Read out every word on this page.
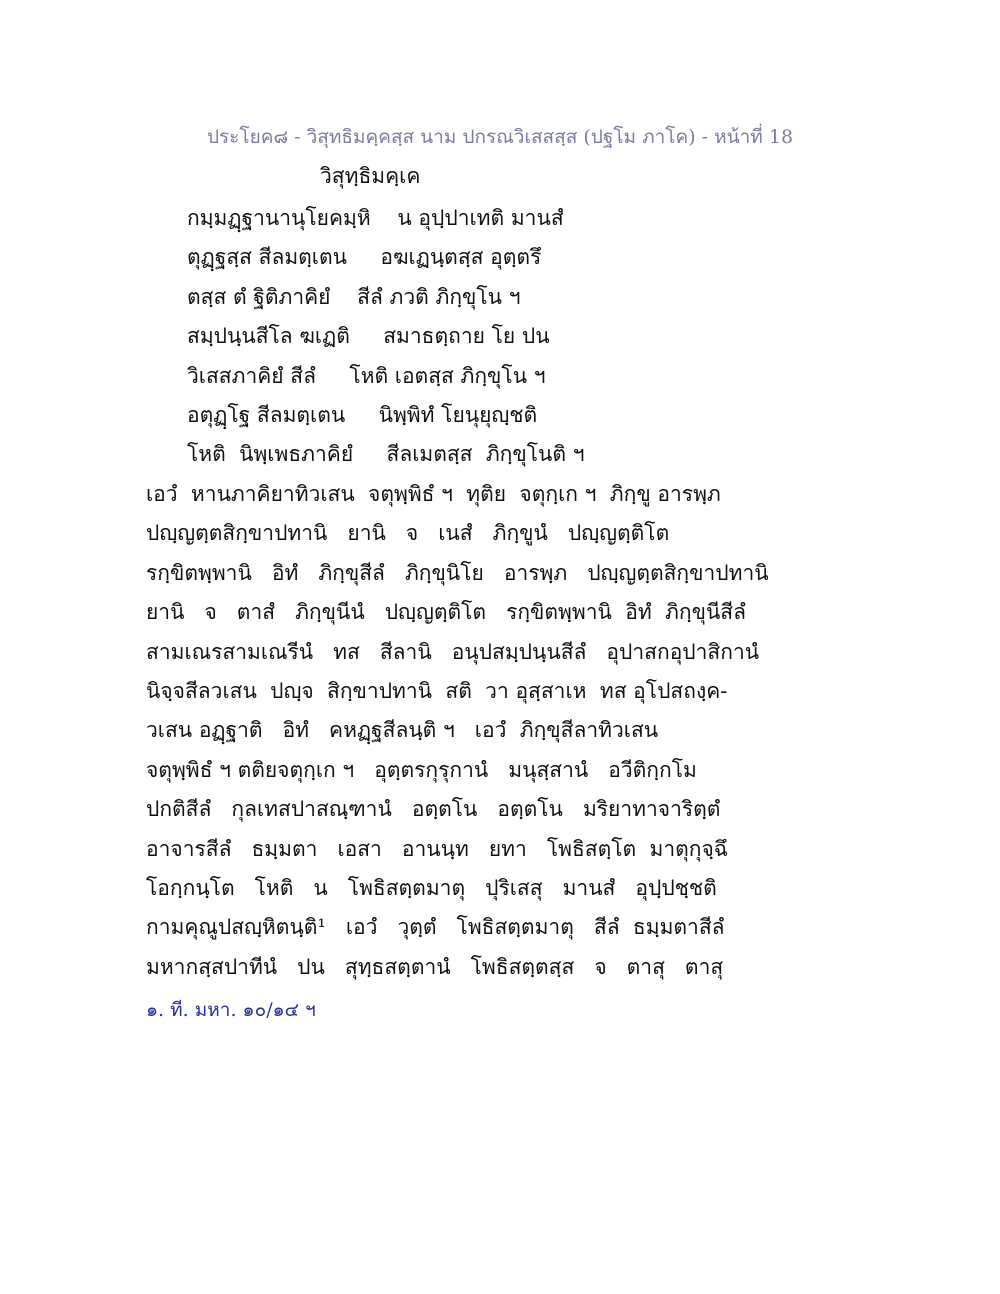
ประโยค๘ - วิสุทธิมคฺคสฺส นาม ปกรณวิเสสสฺส (ปฐโม ภาโค) - หน้าที่ 18
วิสุทฺธิมคฺเค
กมฺมฏฺฐานานุโยคมฺหิ    น อุปฺปาเทติ มานสํ
ตุฏฺฐสฺส สีลมตฺเตน     อฆเฏนฺตสฺส อุตฺตรึ
ตสฺส ตํ ฐิติภาคิยํ    สีลํ ภวติ ภิกฺขุโน ฯ
สมฺปนฺนสีโล ฆเฏติ     สมาธตฺถาย โย ปน
วิเสสภาคิยํ สีลํ     โหติ เอตสฺส ภิกฺขุโน ฯ
อตุฏฺโฐ สีลมตฺเตน     นิพฺพิทํ โยนุยุญฺชติ
โหติ  นิพฺเพธภาคิยํ     สีลเมตสฺส  ภิกฺขุโนติ ฯ
เอวํ  หานภาคิยาทิวเสน  จตุพฺพิธํ ฯ  ทุติย  จตุกฺเก ฯ  ภิกฺขู อารพฺภ
ปญฺญตฺตสิกฺขาปทานิ   ยานิ   จ   เนสํ   ภิกฺขูนํ   ปญฺญตฺติโต
รกฺขิตพฺพานิ   อิทํ   ภิกฺขุสีลํ   ภิกฺขุนิโย   อารพฺภ   ปญฺญตฺตสิกฺขาปทานิ
ยานิ   จ   ตาสํ   ภิกฺขุนีนํ   ปญฺญตฺติโต   รกฺขิตพฺพานิ  อิทํ  ภิกฺขุนีสีลํ
สามเณรสามเณรีนํ   ทส   สีลานิ   อนุปสมฺปนฺนสีลํ   อุปาสกอุปาสิกานํ
นิจฺจสีลวเสน  ปญฺจ  สิกฺขาปทานิ  สติ  วา อุสฺสาเห  ทส อุโปสถงฺค-
วเสน อฏฺฐาติ   อิทํ   คหฏฺฐสีลนฺติ ฯ   เอวํ  ภิกฺขุสีลาทิวเสน
จตุพฺพิธํ ฯ ตติยจตุกฺเก ฯ   อุตฺตรกุรุกานํ   มนุสฺสานํ   อวีติกฺกโม
ปกติสีลํ   กุลเทสปาสณฺฑานํ   อตฺตโน   อตฺตโน   มริยาทาจาริตฺตํ
อาจารสีลํ   ธมฺมตา   เอสา   อานนฺท   ยทา   โพธิสตฺโต  มาตุกุจฺฉึ
โอกฺกนฺโต   โหติ   น   โพธิสตฺตมาตุ   ปุริเสสุ   มานสํ   อุปฺปชฺชติ
กามคุณูปสญฺหิตนฺติ¹   เอวํ   วุตฺตํ   โพธิสตฺตมาตุ   สีลํ  ธมฺมตาสีลํ
มหากสฺสปาทีนํ   ปน   สุทฺธสตฺตานํ   โพธิสตฺตสฺส   จ   ตาสุ   ตาสุ
๑. ที. มหา. ๑๐/๑๔ ฯ
